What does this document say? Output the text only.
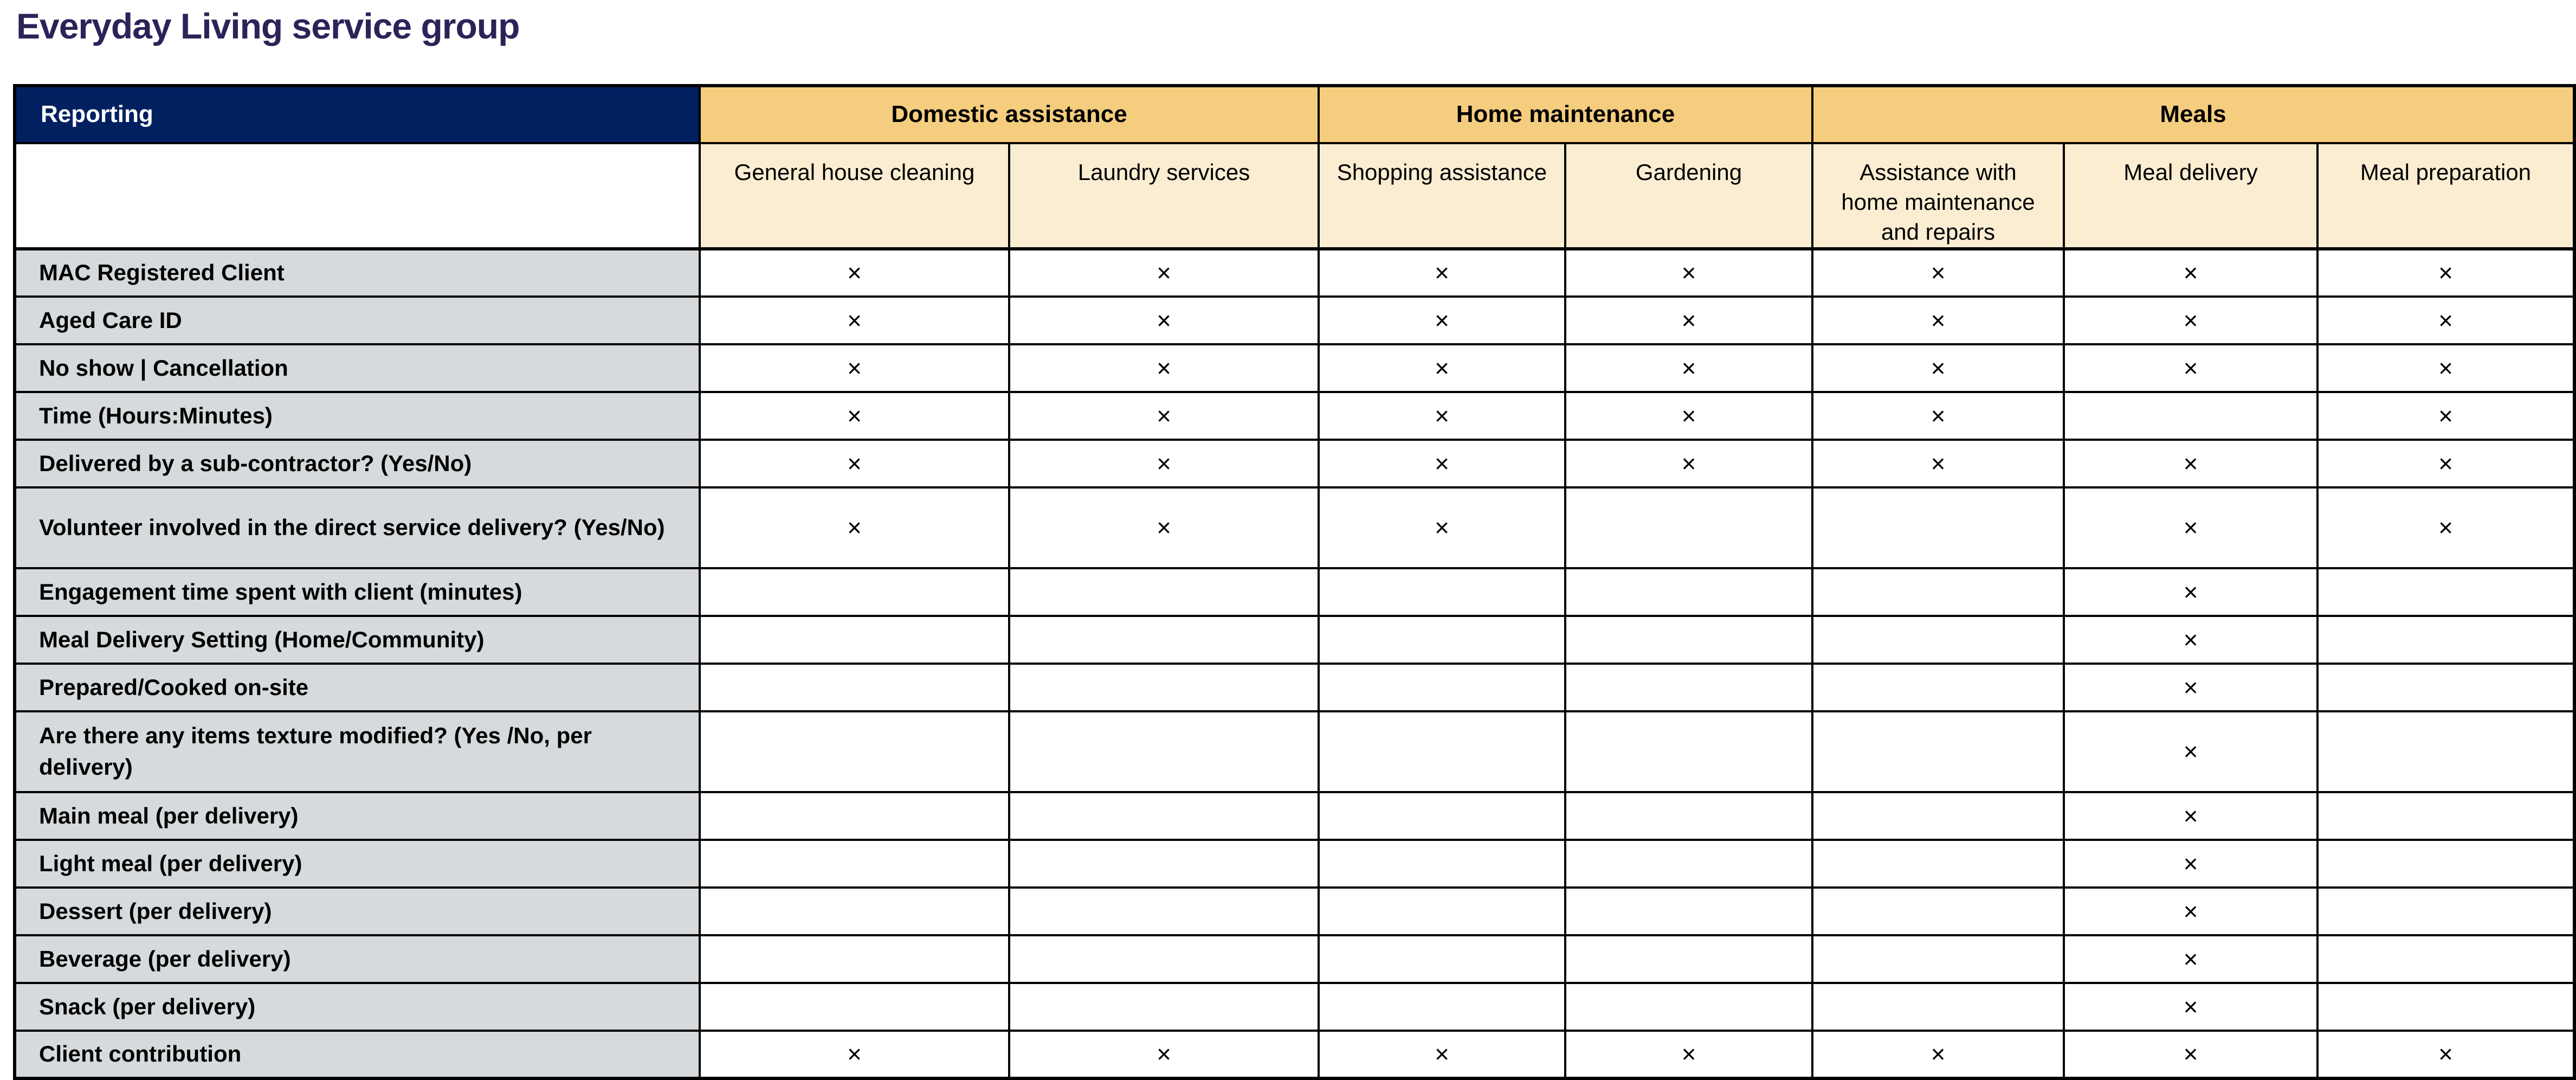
Everyday Living service group
Reporting	Domestic assistance		Home maintenance		Meals		
	General house cleaning	Laundry services	Shopping assistance	Gardening	Assistance with home maintenance and repairs	Meal delivery	Meal preparation
MAC Registered Client	×	×	×	×	×	×	×
Aged Care ID	×	×	×	×	×	×	×
No show | Cancellation	×	×	×	×	×	×	×
Time (Hours:Minutes)	×	×	×	×	×		×
Delivered by a sub-contractor? (Yes/No)	×	×	×	×	×	×	×
Volunteer involved in the direct service delivery? (Yes/No)	×	×	×			×	×
Engagement time spent with client (minutes)						×	
Meal Delivery Setting (Home/Community)						×	
Prepared/Cooked on-site						×	
Are there any items texture modified? (Yes /No, per delivery)						×	
Main meal (per delivery)						×	
Light meal (per delivery)						×	
Dessert (per delivery)						×	
Beverage (per delivery)						×	
Snack (per delivery)						×	
Client contribution	×	×	×	×	×	×	×
